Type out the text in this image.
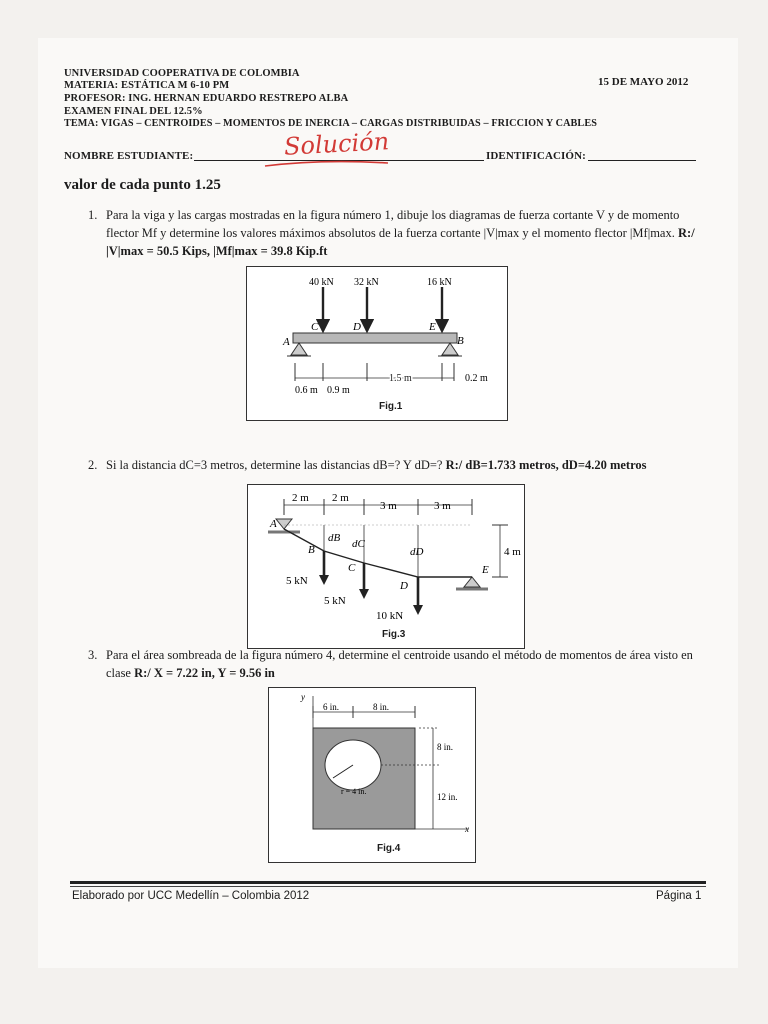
UNIVERSIDAD COOPERATIVA DE COLOMBIA
MATERIA: ESTÁTICA M 6-10 PM
PROFESOR: ING. HERNAN EDUARDO RESTREPO ALBA
EXAMEN FINAL DEL 12.5%
TEMA: VIGAS – CENTROIDES – MOMENTOS DE INERCIA – CARGAS DISTRIBUIDAS – FRICCION Y CABLES
15 DE MAYO 2012
NOMBRE ESTUDIANTE:	Solución	IDENTIFICACIÓN:
valor de cada punto 1.25
1. Para la viga y las cargas mostradas en la figura número 1, dibuje los diagramas de fuerza cortante V y de momento flector Mf y determine los valores máximos absolutos de la fuerza cortante |V|max y el momento flector |Mf|max. R:/ |V|max = 50.5 Kips, |Mf|max = 39.8 Kip.ft
40 kN 32 kN	16 kN
A
C	D	E
B
0.6 m 0.9 m
1.5 m	0.2 m
Fig.1
2. Si la distancia dC=3 metros, determine las distancias dB=? Y dD=? R:/ dB=1.733 metros, dD=4.20 metros
2 m 2 m
3 m	3 m
dB dC
dD	4 m
A
B
C
D
E
5 kN
5 kN
10 kN
Fig.3
3. Para el área sombreada de la figura número 4, determine el centroide usando el método de momentos de área visto en clase R:/ X = 7.22 in, Y = 9.56 in
y
x
r = 4 in.
6 in.	8 in.
8 in.
12 in.
Fig.4
Elaborado por UCC Medellín – Colombia 2012	Página 1
